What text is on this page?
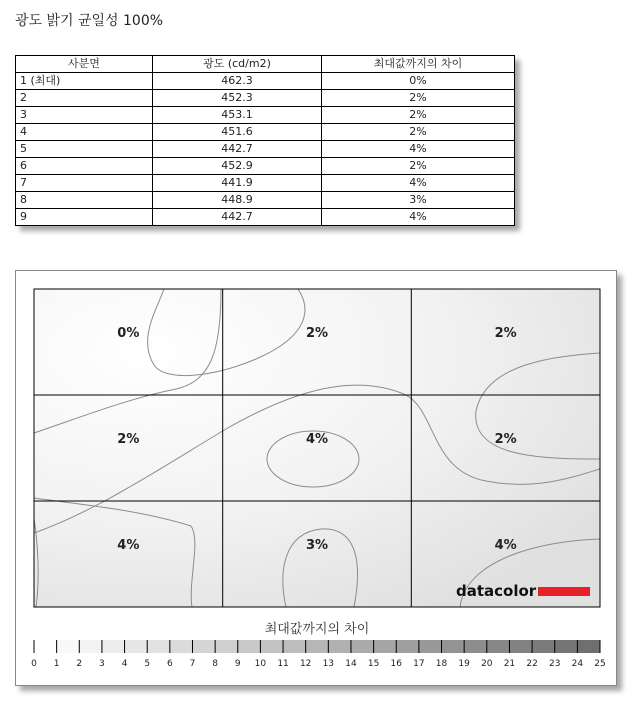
광도 밝기 균일성 100%
사분면	광도 (cd/m2)	최대값까지의 차이
1 (최대)	462.3	0%
2	452.3	2%
3	453.1	2%
4	451.6	2%
5	442.7	4%
6	452.9	2%
7	441.9	4%
8	448.9	3%
9	442.7	4%
0%	2%	2%
2%	4%	2%
4%	3%	4%
datacolor
최대값까지의 차이
0 1 2 3 4 5 6 7 8 9 10 11 12 13 14 15 16 17 18 19 20 21 22 23 24 25
